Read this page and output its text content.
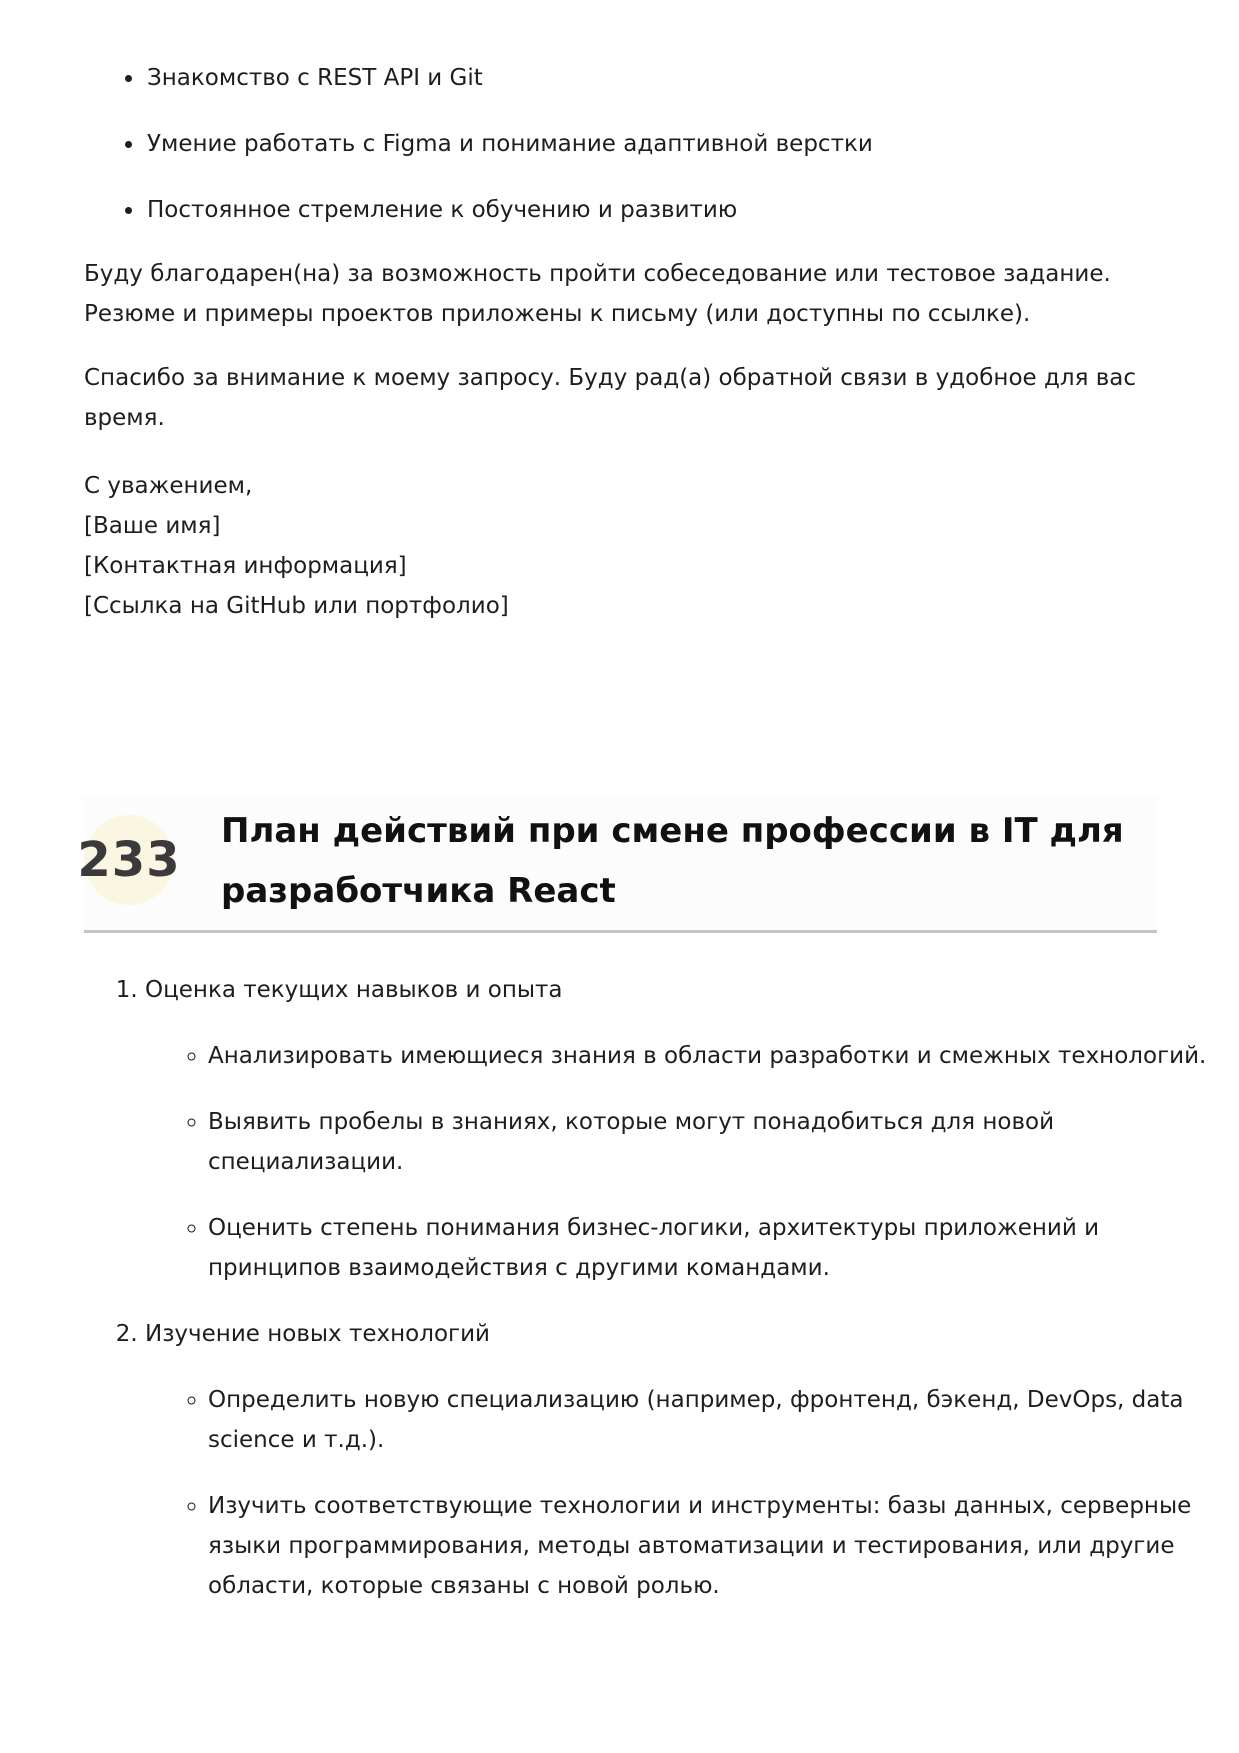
• Знакомство с REST API и Git
• Умение работать с Figma и понимание адаптивной верстки
• Постоянное стремление к обучению и развитию

Буду благодарен(на) за возможность пройти собеседование или тестовое задание. Резюме и примеры проектов приложены к письму (или доступны по ссылке).

Спасибо за внимание к моему запросу. Буду рад(а) обратной связи в удобное для вас время.

С уважением,
[Ваше имя]
[Контактная информация]
[Ссылка на GitHub или портфолио]
233
План действий при смене профессии в IT для разработчика React
1. Оценка текущих навыков и опыта
◦ Анализировать имеющиеся знания в области разработки и смежных технологий.
◦ Выявить пробелы в знаниях, которые могут понадобиться для новой специализации.
◦ Оценить степень понимания бизнес-логики, архитектуры приложений и принципов взаимодействия с другими командами.
2. Изучение новых технологий
◦ Определить новую специализацию (например, фронтенд, бэкенд, DevOps, data science и т.д.).
◦ Изучить соответствующие технологии и инструменты: базы данных, серверные языки программирования, методы автоматизации и тестирования, или другие области, которые связаны с новой ролью.
